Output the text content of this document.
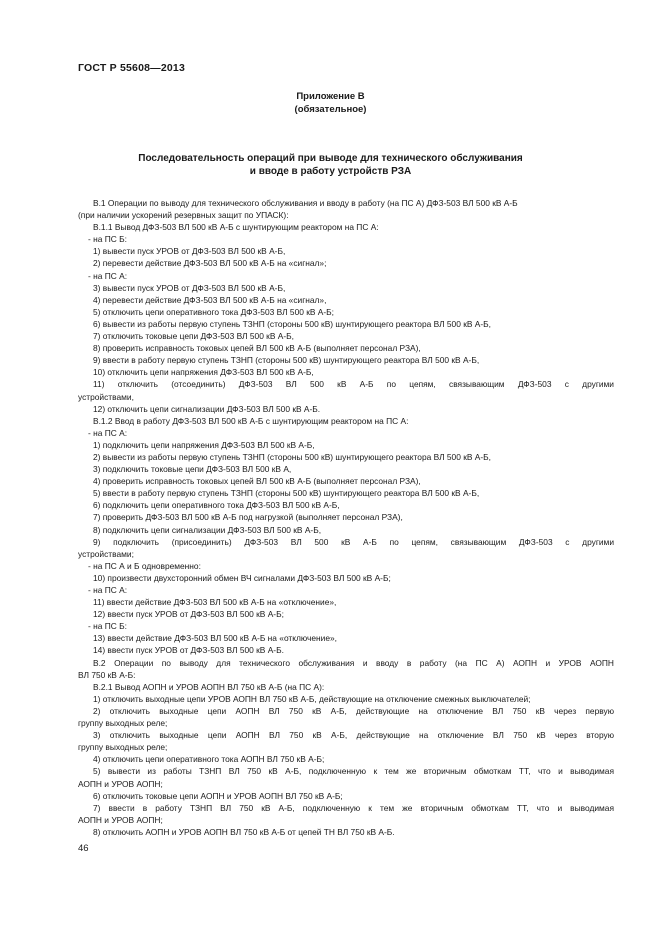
ГОСТ Р 55608—2013
Приложение В
(обязательное)
Последовательность операций при выводе для технического обслуживания
и вводе в работу устройств РЗА

В.1 Операции по выводу для технического обслуживания и вводу в работу (на ПС А) ДФЗ-503 ВЛ 500 кВ А-Б

(при наличии ускорений резервных защит по УПАСК):

В.1.1 Вывод ДФЗ-503 ВЛ 500 кВ А-Б с шунтирующим реактором на ПС А:

- на ПС Б:

1) вывести пуск УРОВ от ДФЗ-503 ВЛ 500 кВ А-Б,

2) перевести действие ДФЗ-503 ВЛ 500 кВ А-Б на «сигнал»;

- на ПС А:

3) вывести пуск УРОВ от ДФЗ-503 ВЛ 500 кВ А-Б,

4) перевести действие ДФЗ-503 ВЛ 500 кВ А-Б на «сигнал»,

5) отключить цепи оперативного тока ДФЗ-503 ВЛ 500 кВ А-Б;

6) вывести из работы первую ступень ТЗНП (стороны 500 кВ) шунтирующего реактора ВЛ 500 кВ А-Б,

7) отключить токовые цепи ДФЗ-503 ВЛ 500 кВ А-Б,

8) проверить исправность токовых цепей ВЛ 500 кВ А-Б (выполняет персонал РЗА),

9) ввести в работу первую ступень ТЗНП (стороны 500 кВ) шунтирующего реактора ВЛ 500 кВ А-Б,

10) отключить цепи напряжения ДФЗ-503 ВЛ 500 кВ А-Б,

11) отключить (отсоединить) ДФЗ-503 ВЛ 500 кВ А-Б по цепям, связывающим ДФЗ-503 с другими

устройствами,

12) отключить цепи сигнализации ДФЗ-503 ВЛ 500 кВ А-Б.

В.1.2 Ввод в работу ДФЗ-503 ВЛ 500 кВ А-Б с шунтирующим реактором на ПС А:

- на ПС А:

1) подключить цепи напряжения ДФЗ-503 ВЛ 500 кВ А-Б,

2) вывести из работы первую ступень ТЗНП (стороны 500 кВ) шунтирующего реактора ВЛ 500 кВ А-Б,

3) подключить токовые цепи ДФЗ-503 ВЛ 500 кВ А,

4) проверить исправность токовых цепей ВЛ 500 кВ А-Б (выполняет персонал РЗА),

5) ввести в работу первую ступень ТЗНП (стороны 500 кВ) шунтирующего реактора ВЛ 500 кВ А-Б,

6) подключить цепи оперативного тока ДФЗ-503 ВЛ 500 кВ А-Б,

7) проверить ДФЗ-503 ВЛ 500 кВ А-Б под нагрузкой (выполняет персонал РЗА),

8) подключить цепи сигнализации ДФЗ-503 ВЛ 500 кВ А-Б,

9) подключить (присоединить) ДФЗ-503 ВЛ 500 кВ А-Б по цепям, связывающим ДФЗ-503 с другими

устройствами;

- на ПС А и Б одновременно:

10) произвести двухсторонний обмен ВЧ сигналами ДФЗ-503 ВЛ 500 кВ А-Б;

- на ПС А:

11) ввести действие ДФЗ-503 ВЛ 500 кВ А-Б на «отключение»,

12) ввести пуск УРОВ от ДФЗ-503 ВЛ 500 кВ А-Б;

- на ПС Б:

13) ввести действие ДФЗ-503 ВЛ 500 кВ А-Б на «отключение»,

14) ввести пуск УРОВ от ДФЗ-503 ВЛ 500 кВ А-Б.

В.2 Операции по выводу для технического обслуживания и вводу в работу (на ПС А) АОПН и УРОВ АОПН

ВЛ 750 кВ А-Б:

В.2.1 Вывод АОПН и УРОВ АОПН ВЛ 750 кВ А-Б (на ПС А):

1) отключить выходные цепи УРОВ АОПН ВЛ 750 кВ А-Б, действующие на отключение смежных выключателей;

2) отключить выходные цепи АОПН ВЛ 750 кВ А-Б, действующие на отключение ВЛ 750 кВ через первую

группу выходных реле;

3) отключить выходные цепи АОПН ВЛ 750 кВ А-Б, действующие на отключение ВЛ 750 кВ через вторую

группу выходных реле;

4) отключить цепи оперативного тока АОПН ВЛ 750 кВ А-Б;

5) вывести из работы ТЗНП ВЛ 750 кВ А-Б, подключенную к тем же вторичным обмоткам ТТ, что и выводимая

АОПН и УРОВ АОПН;

6) отключить токовые цепи АОПН и УРОВ АОПН ВЛ 750 кВ А-Б;

7) ввести в работу ТЗНП ВЛ 750 кВ А-Б, подключенную к тем же вторичным обмоткам ТТ, что и выводимая

АОПН и УРОВ АОПН;

8) отключить АОПН и УРОВ АОПН ВЛ 750 кВ А-Б от цепей ТН ВЛ 750 кВ А-Б.

46
